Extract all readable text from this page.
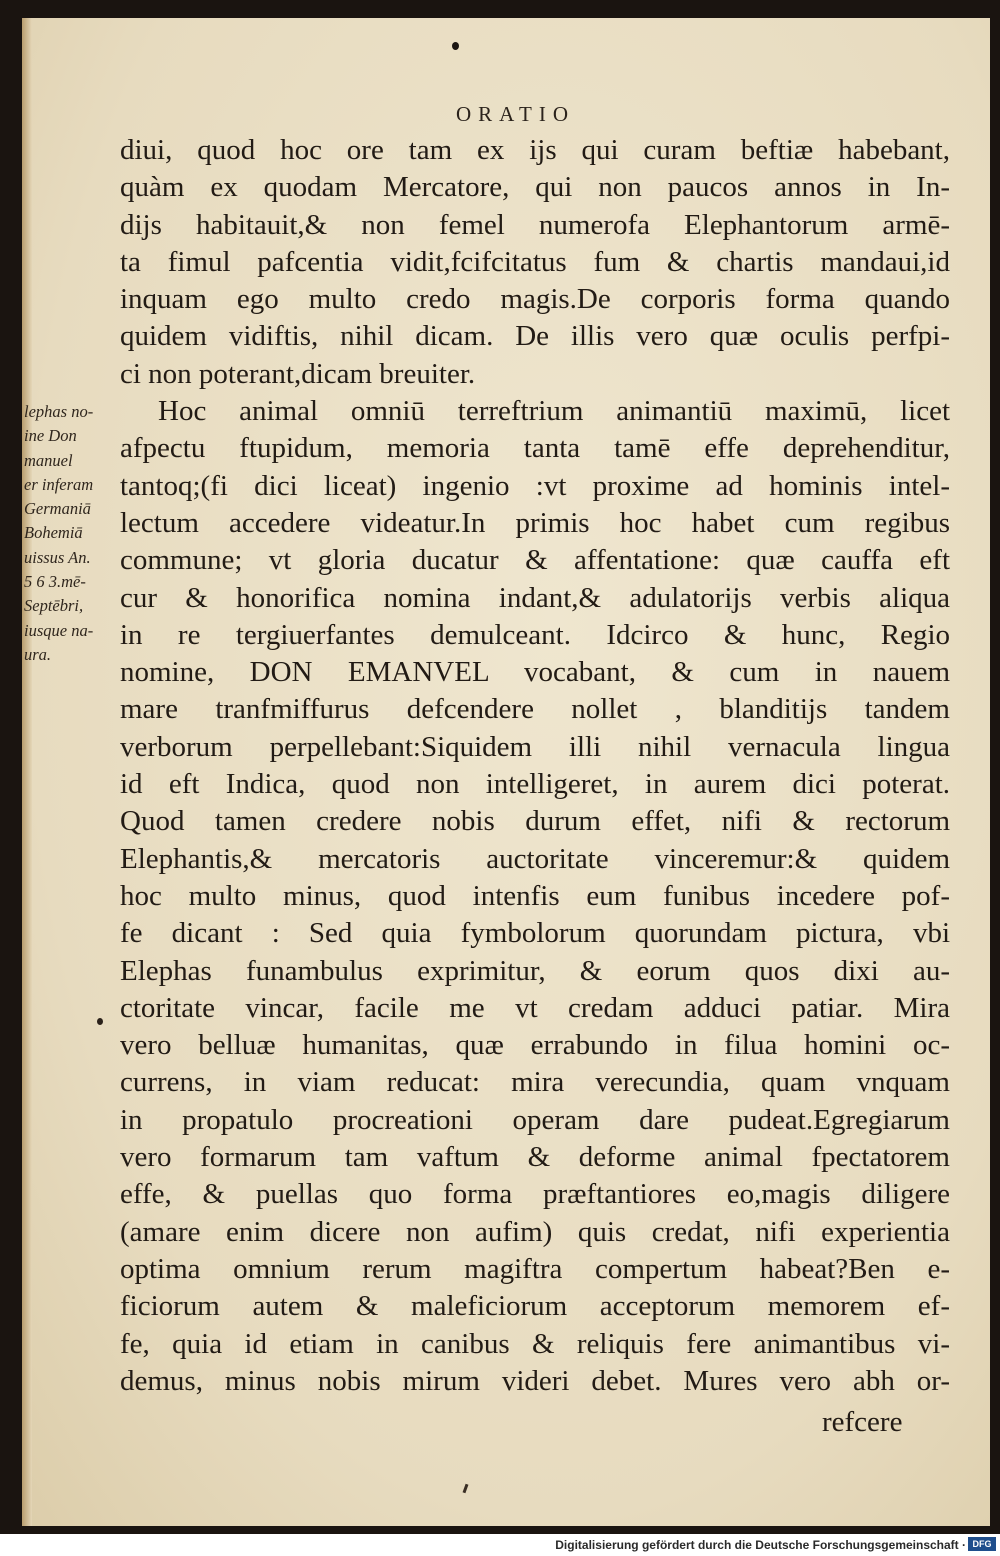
ORATIO
lephas no-
ine Don
manuel
er inferam
Germaniā
Bohemiā
uissus An.
5 6 3.mē-
Septēbri,
iusque na-
ura.
diui, quod hoc ore tam ex ijs qui curam beftiæ habebant,
quàm ex quodam Mercatore, qui non paucos annos in In-
dijs habitauit,& non femel numerofa Elephantorum armē-
ta fimul pafcentia vidit,fcifcitatus fum & chartis mandaui,id
inquam ego multo credo magis.De corporis forma quando
quidem vidiftis, nihil dicam. De illis vero quæ oculis perfpi-
ci non poterant,dicam breuiter.
Hoc animal omniū terreftrium animantiū maximū, licet
afpectu ftupidum, memoria tanta tamē effe deprehenditur,
tantoq;(fi dici liceat) ingenio :vt proxime ad hominis intel-
lectum accedere videatur.In primis hoc habet cum regibus
commune; vt gloria ducatur & affentatione: quæ cauffa eft
cur & honorifica nomina indant,& adulatorijs verbis aliqua
in re tergiuerfantes demulceant. Idcirco & hunc, Regio
nomine, DON EMANVEL vocabant, & cum in nauem
mare tranfmiffurus defcendere nollet , blanditijs tandem
verborum perpellebant:Siquidem illi nihil vernacula lingua
id eft Indica, quod non intelligeret, in aurem dici poterat.
Quod tamen credere nobis durum effet, nifi & rectorum
Elephantis,& mercatoris auctoritate vinceremur:& quidem
hoc multo minus, quod intenfis eum funibus incedere pof-
fe dicant : Sed quia fymbolorum quorundam pictura, vbi
Elephas funambulus exprimitur, & eorum quos dixi au-
ctoritate vincar, facile me vt credam adduci patiar. Mira
vero belluæ humanitas, quæ errabundo in filua homini oc-
currens, in viam reducat: mira verecundia, quam vnquam
in propatulo procreationi operam dare pudeat.Egregiarum
vero formarum tam vaftum & deforme animal fpectatorem
effe, & puellas quo forma præftantiores eo,magis diligere
(amare enim dicere non aufim) quis credat, nifi experientia
optima omnium rerum magiftra compertum habeat?Ben e-
ficiorum autem & maleficiorum acceptorum memorem ef-
fe, quia id etiam in canibus & reliquis fere animantibus vi-
demus, minus nobis mirum videri debet. Mures vero abh or-
refcere
Digitalisierung gefördert durch die Deutsche Forschungsgemeinschaft · DFG
